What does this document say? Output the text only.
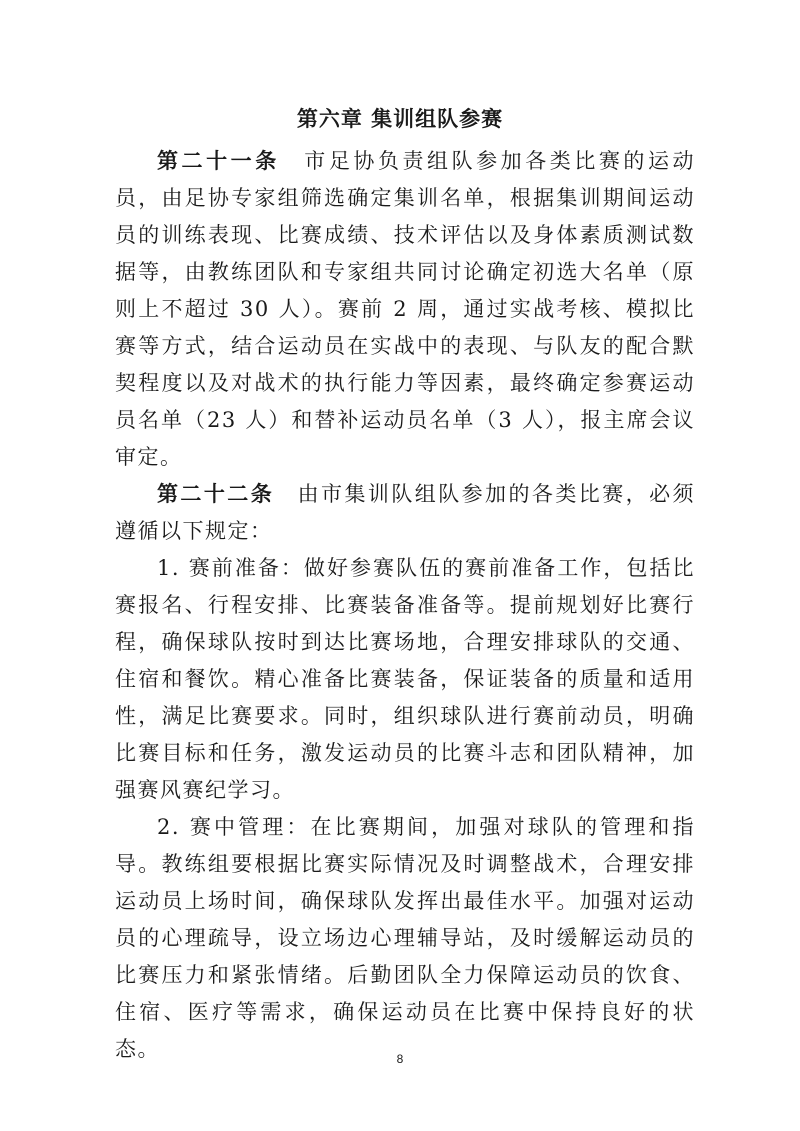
第六章 集训组队参赛

第二十一条  市足协负责组队参加各类比赛的运动员，由足协专家组筛选确定集训名单，根据集训期间运动员的训练表现、比赛成绩、技术评估以及身体素质测试数据等，由教练团队和专家组共同讨论确定初选大名单（原则上不超过 30 人）。赛前 2 周，通过实战考核、模拟比赛等方式，结合运动员在实战中的表现、与队友的配合默契程度以及对战术的执行能力等因素，最终确定参赛运动员名单（23 人）和替补运动员名单（3 人），报主席会议审定。

第二十二条  由市集训队组队参加的各类比赛，必须遵循以下规定：

1. 赛前准备：做好参赛队伍的赛前准备工作，包括比赛报名、行程安排、比赛装备准备等。提前规划好比赛行程，确保球队按时到达比赛场地，合理安排球队的交通、住宿和餐饮。精心准备比赛装备，保证装备的质量和适用性，满足比赛要求。同时，组织球队进行赛前动员，明确比赛目标和任务，激发运动员的比赛斗志和团队精神，加强赛风赛纪学习。

2. 赛中管理：在比赛期间，加强对球队的管理和指导。教练组要根据比赛实际情况及时调整战术，合理安排运动员上场时间，确保球队发挥出最佳水平。加强对运动员的心理疏导，设立场边心理辅导站，及时缓解运动员的比赛压力和紧张情绪。后勤团队全力保障运动员的饮食、住宿、医疗等需求，确保运动员在比赛中保持良好的状态。	8
